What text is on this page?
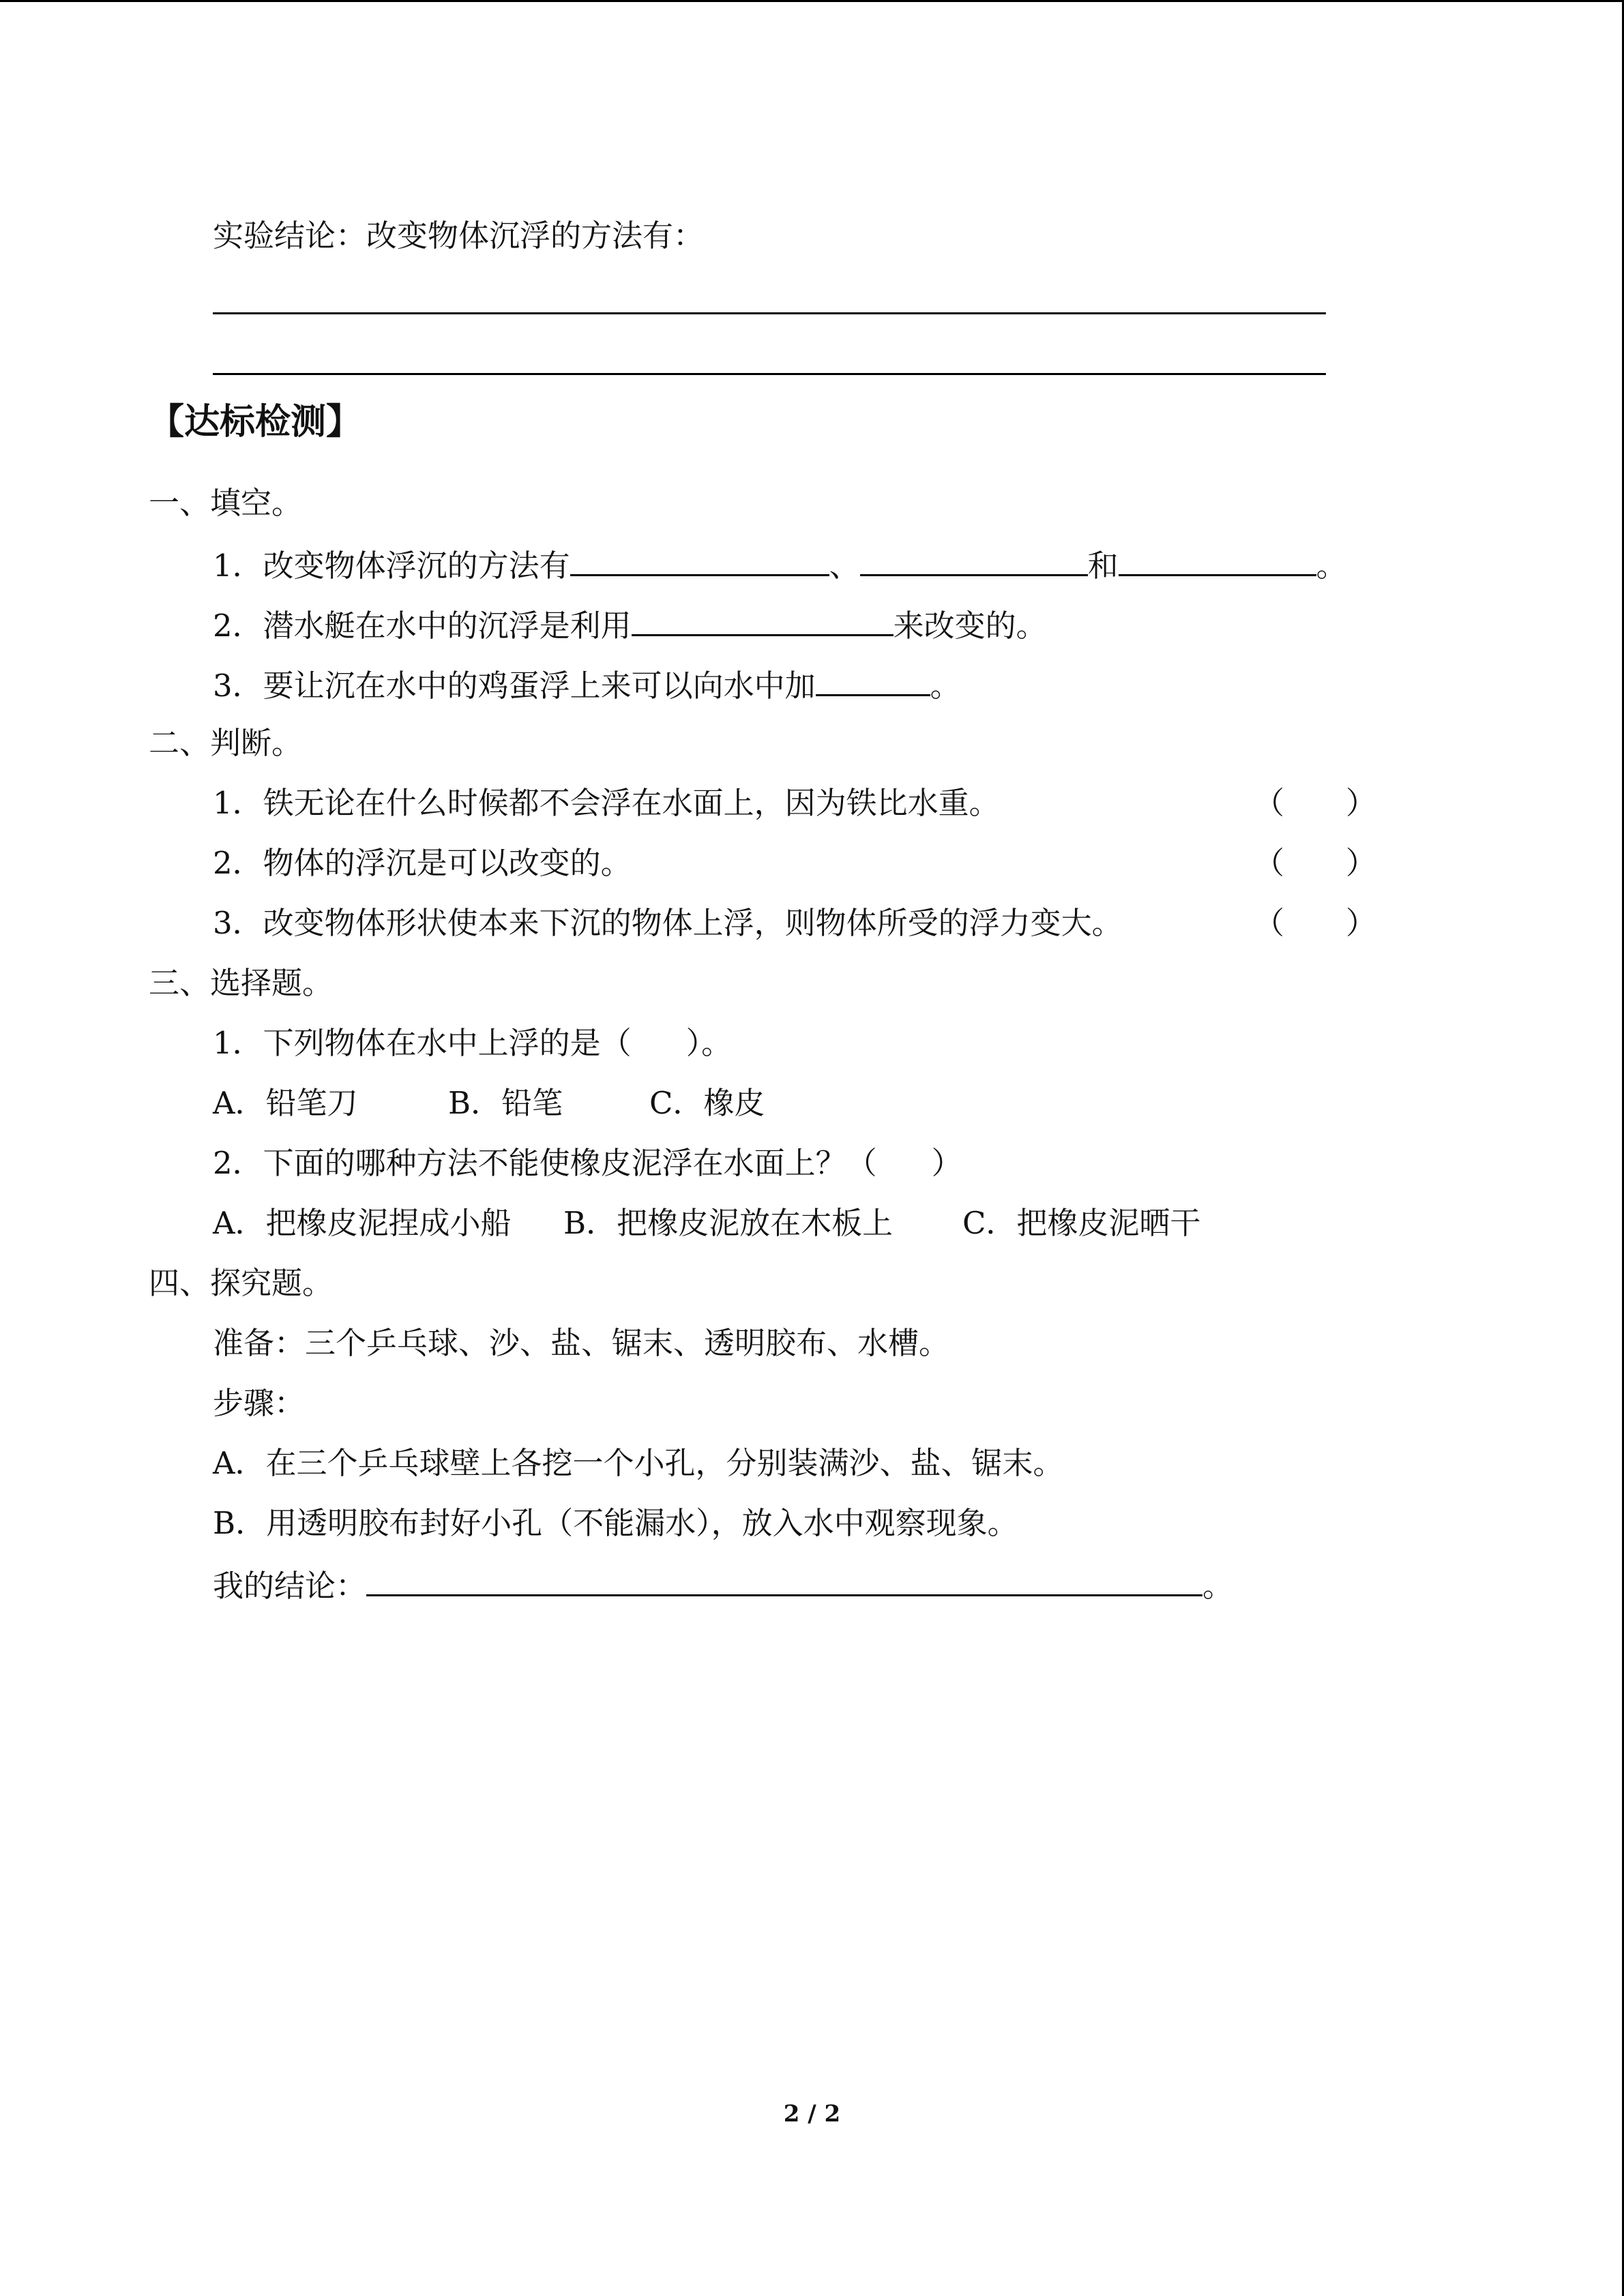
实验结论：改变物体沉浮的方法有：
【达标检测】
一、填空。
1．改变物体浮沉的方法有	、	和	。
2．潜水艇在水中的沉浮是利用	来改变的。
3．要让沉在水中的鸡蛋浮上来可以向水中加	。
二、判断。
1．铁无论在什么时候都不会浮在水面上，因为铁比水重。	（ ）
2．物体的浮沉是可以改变的。	（ ）
3．改变物体形状使本来下沉的物体上浮，则物体所受的浮力变大。	（ ）
三、选择题。
1．下列物体在水中上浮的是（ ）。
A．铅笔刀	B．铅笔	C．橡皮
2．下面的哪种方法不能使橡皮泥浮在水面上？（ ）
A．把橡皮泥捏成小船 B．把橡皮泥放在木板上 C．把橡皮泥晒干
四、探究题。
准备：三个乒乓球、沙、盐、锯末、透明胶布、水槽。
步骤：
A．在三个乒乓球壁上各挖一个小孔，分别装满沙、盐、锯末。
B．用透明胶布封好小孔（不能漏水），放入水中观察现象。
我的结论：	。
2 / 2
